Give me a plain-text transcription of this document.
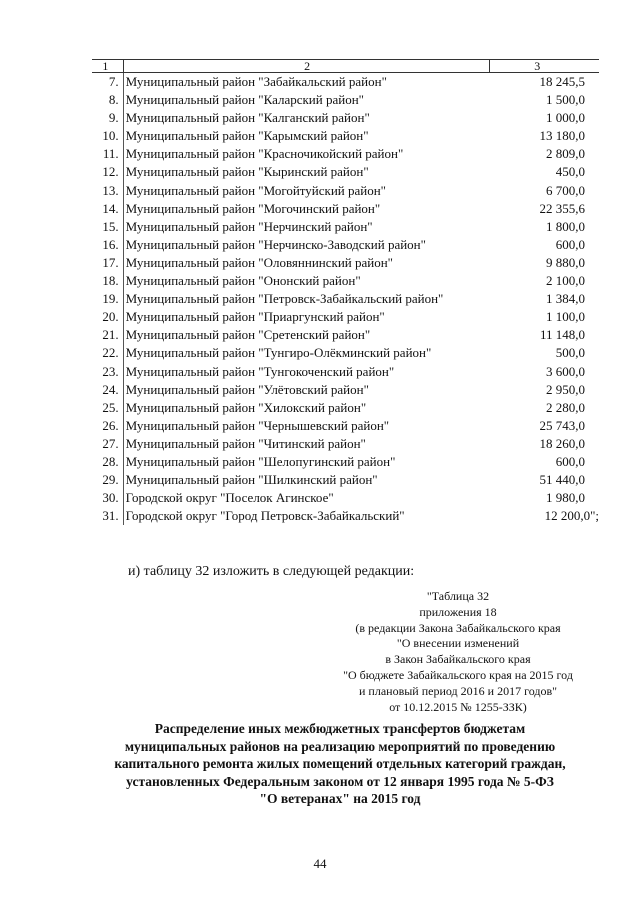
1	2	3
7.	Муниципальный район "Забайкальский район"	18 245,5
8.	Муниципальный район "Каларский район"	1 500,0
9.	Муниципальный район "Калганский район"	1 000,0
10.	Муниципальный район "Карымский район"	13 180,0
11.	Муниципальный район "Красночикойский район"	2 809,0
12.	Муниципальный район "Кыринский район"	450,0
13.	Муниципальный район "Могойтуйский район"	6 700,0
14.	Муниципальный район "Могочинский район"	22 355,6
15.	Муниципальный район "Нерчинский район"	1 800,0
16.	Муниципальный район "Нерчинско-Заводский район"	600,0
17.	Муниципальный район "Оловяннинский район"	9 880,0
18.	Муниципальный район "Ононский район"	2 100,0
19.	Муниципальный район "Петровск-Забайкальский район"	1 384,0
20.	Муниципальный район "Приаргунский район"	1 100,0
21.	Муниципальный район "Сретенский район"	11 148,0
22.	Муниципальный район "Тунгиро-Олёкминский район"	500,0
23.	Муниципальный район "Тунгокоченский район"	3 600,0
24.	Муниципальный район "Улётовский район"	2 950,0
25.	Муниципальный район "Хилокский район"	2 280,0
26.	Муниципальный район "Чернышевский район"	25 743,0
27.	Муниципальный район "Читинский район"	18 260,0
28.	Муниципальный район "Шелопугинский район"	600,0
29.	Муниципальный район "Шилкинский район"	51 440,0
30.	Городской округ "Поселок Агинское"	1 980,0
31.	Городской округ "Город Петровск-Забайкальский"	12 200,0";

и) таблицу 32 изложить в следующей редакции:

"Таблица 32
приложения 18
(в редакции Закона Забайкальского края
"О внесении изменений
в Закон Забайкальского края
"О бюджете Забайкальского края на 2015 год
и плановый период 2016 и 2017 годов"
от 10.12.2015 № 1255-ЗЗК)
Распределение иных межбюджетных трансфертов бюджетам
муниципальных районов на реализацию мероприятий по проведению
капитального ремонта жилых помещений отдельных категорий граждан,
установленных Федеральным законом от 12 января 1995 года № 5-ФЗ
"О ветеранах" на 2015 год
44
